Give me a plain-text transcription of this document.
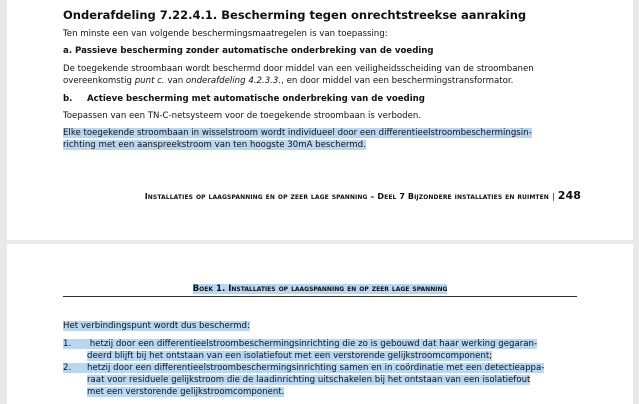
Onderafdeling 7.22.4.1. Bescherming tegen onrechtstreekse aanraking

Ten minste een van volgende beschermingsmaatregelen is van toepassing:

a. Passieve bescherming zonder automatische onderbreking van de voeding

De toegekende stroombaan wordt beschermd door middel van een veiligheidsscheiding van de stroombanen

overeenkomstig punt c. van onderafdeling 4.2.3.3., en door middel van een beschermingstransformator.

b. Actieve bescherming met automatische onderbreking van de voeding

Toepassen van een TN-C-netsysteem voor de toegekende stroombaan is verboden.

Elke toegekende stroombaan in wisselstroom wordt individueel door een differentieelstroombeschermingsin-

richting met een aanspreekstroom van ten hoogste 30mA beschermd.

Installaties op laagspanning en op zeer lage spanning – Deel 7 Bijzondere installaties en ruimten | 248
Boek 1. Installaties op laagspanning en op zeer lage spanning

Het verbindingspunt wordt dus beschermd:

1. hetzij door een differentieelstroombeschermingsinrichting die zo is gebouwd dat haar werking gegaran-
deerd blijft bij het ontstaan van een isolatiefout met een verstorende gelijkstroomcomponent;
2. hetzij door een differentieelstroombeschermingsinrichting samen en in coördinatie met een detectieappa-
raat voor residuele gelijkstroom die de laadinrichting uitschakelen bij het ontstaan van een isolatiefout
met een verstorende gelijkstroomcomponent.
